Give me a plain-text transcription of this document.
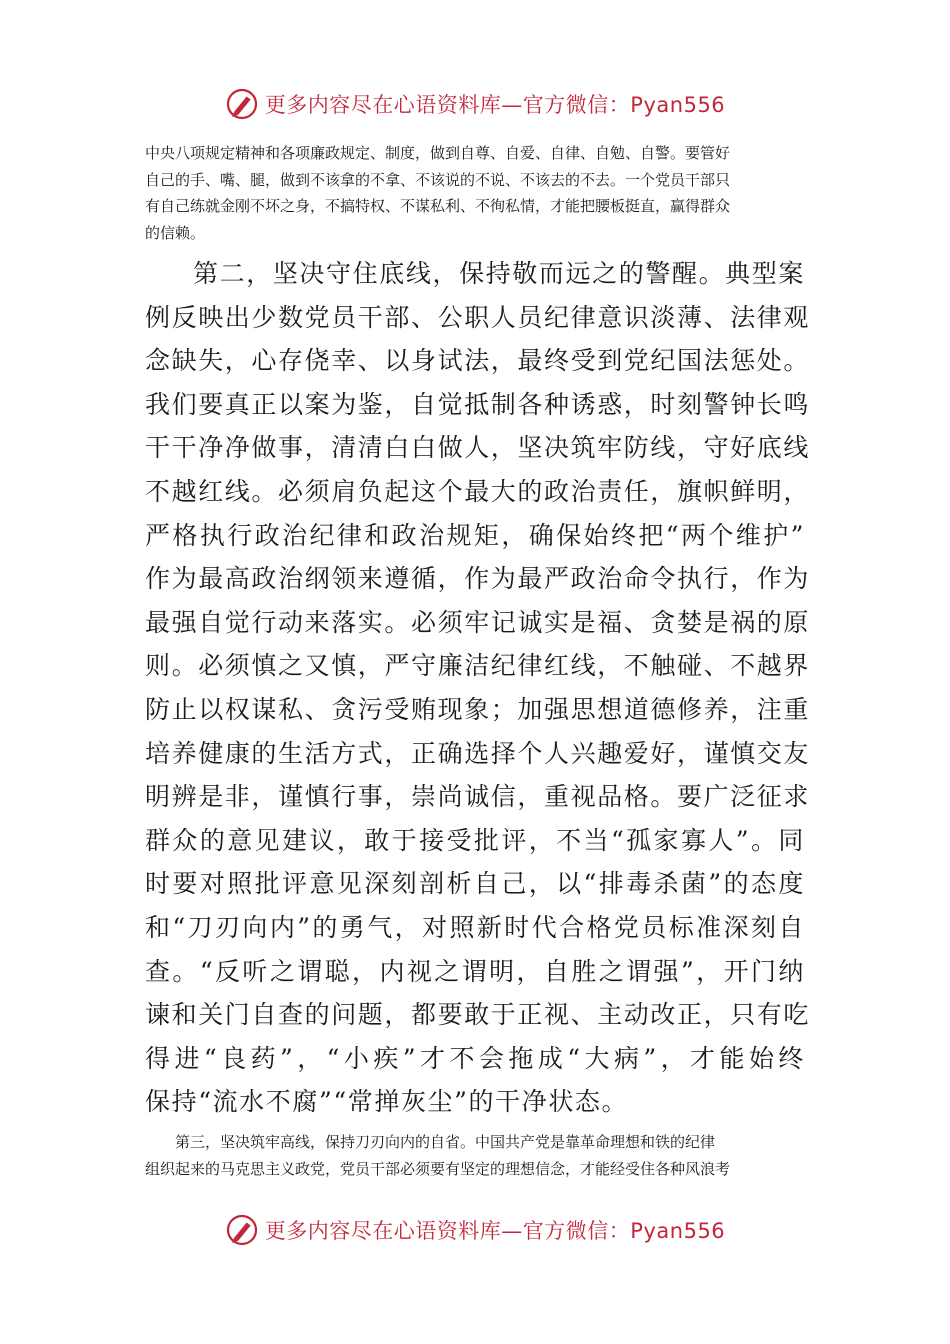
更多内容尽在心语资料库—官方微信：Pyan556

中央八项规定精神和各项廉政规定、制度，做到自尊、自爱、自律、自勉、自警。要管好

自己的手、嘴、腿，做到不该拿的不拿、不该说的不说、不该去的不去。一个党员干部只

有自己练就金刚不坏之身，不搞特权、不谋私利、不徇私情，才能把腰板挺直，赢得群众

的信赖。

第二，坚决守住底线，保持敬而远之的警醒。典型案
例反映出少数党员干部、公职人员纪律意识淡薄、法律观
念缺失，心存侥幸、以身试法，最终受到党纪国法惩处。
我们要真正以案为鉴，自觉抵制各种诱惑，时刻警钟长鸣
干干净净做事，清清白白做人，坚决筑牢防线，守好底线
不越红线。必须肩负起这个最大的政治责任，旗帜鲜明，
严格执行政治纪律和政治规矩，确保始终把“两个维护”
作为最高政治纲领来遵循，作为最严政治命令执行，作为
最强自觉行动来落实。必须牢记诚实是福、贪婪是祸的原
则。必须慎之又慎，严守廉洁纪律红线，不触碰、不越界
防止以权谋私、贪污受贿现象；加强思想道德修养，注重
培养健康的生活方式，正确选择个人兴趣爱好，谨慎交友
明辨是非，谨慎行事，崇尚诚信，重视品格。要广泛征求
群众的意见建议，敢于接受批评，不当“孤家寡人”。同
时要对照批评意见深刻剖析自己，以“排毒杀菌”的态度
和“刀刃向内”的勇气，对照新时代合格党员标准深刻自
查。“反听之谓聪，内视之谓明，自胜之谓强”，开门纳
谏和关门自查的问题，都要敢于正视、主动改正，只有吃
得进“良药”，“小疾”才不会拖成“大病”，才能始终
保持“流水不腐”“常掸灰尘”的干净状态。

第三，坚决筑牢高线，保持刀刃向内的自省。中国共产党是靠革命理想和铁的纪律

组织起来的马克思主义政党，党员干部必须要有坚定的理想信念，才能经受住各种风浪考

更多内容尽在心语资料库—官方微信：Pyan556
